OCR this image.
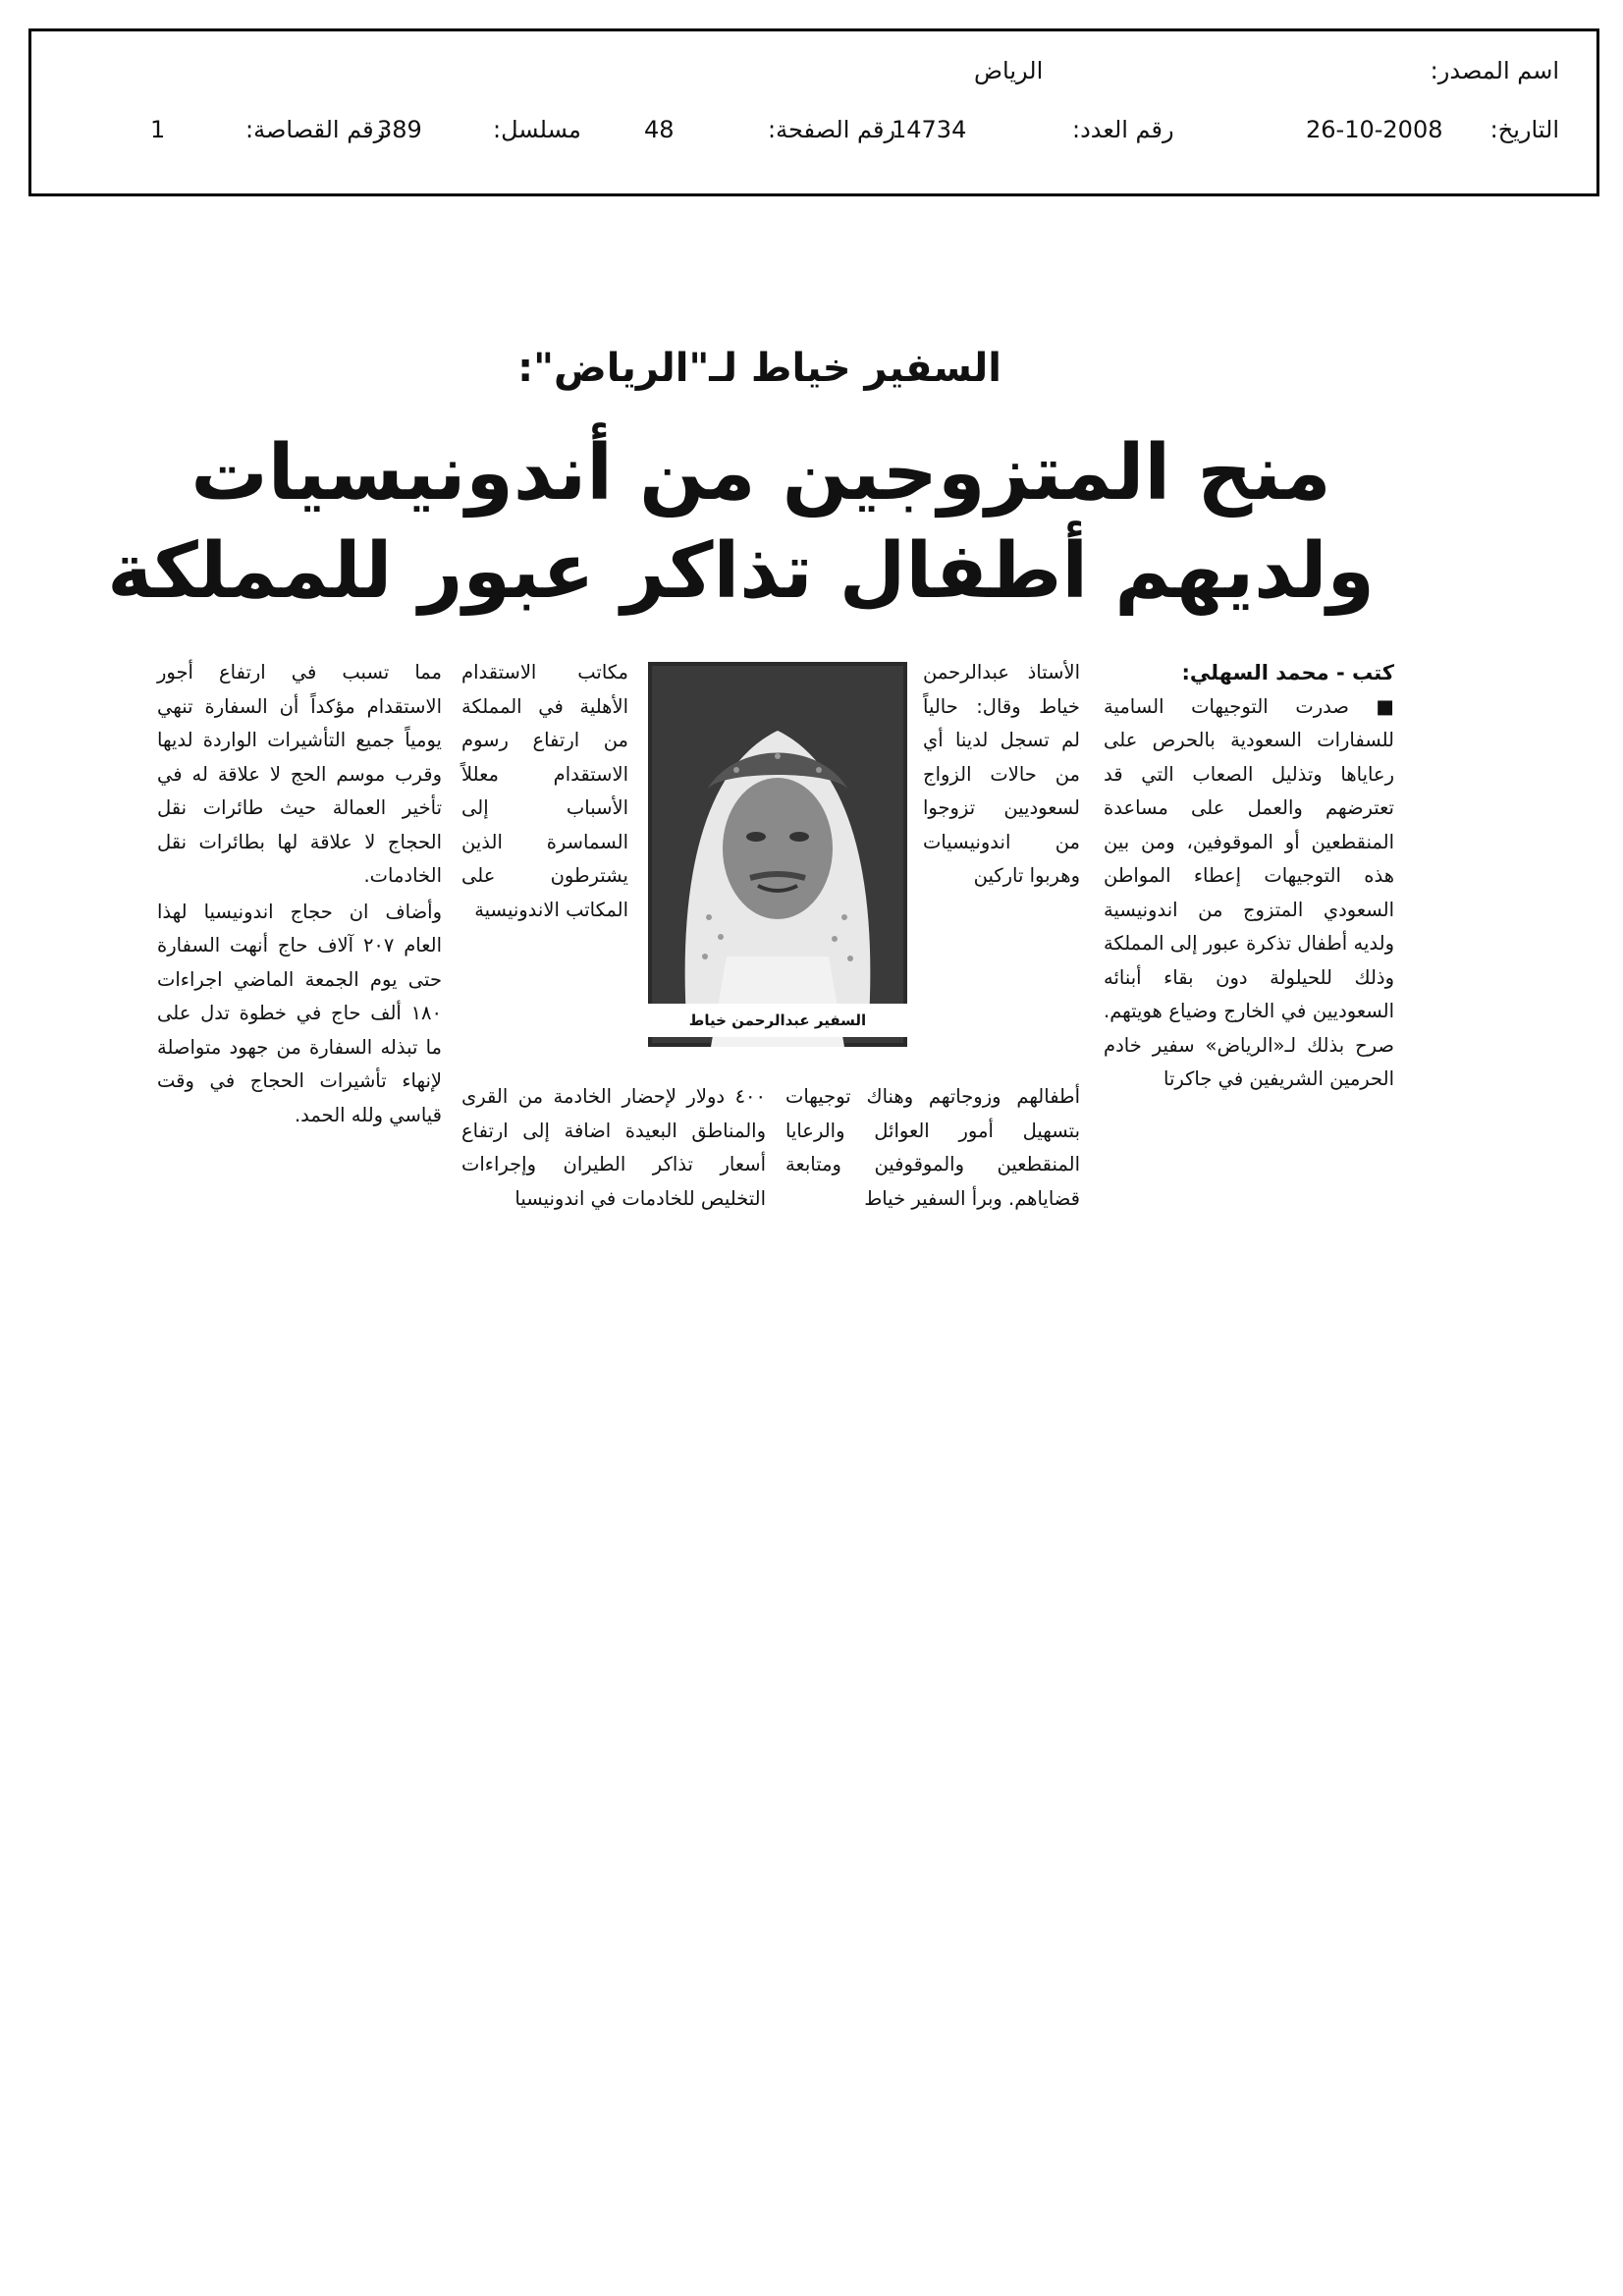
اسم المصدر:
الرياض
التاريخ:
26-10-2008
رقم العدد:
14734
رقم الصفحة:
48
مسلسل:
389
رقم القصاصة:
1
السفير خياط لـ"الرياض":
منح المتزوجين من أندونيسيات
ولديهم أطفال تذاكر عبور للمملكة
كتب - محمد السهلي:

■ صدرت التوجيهات السامية للسفارات السعودية بالحرص على رعاياها وتذليل الصعاب التي قد تعترضهم والعمل على مساعدة المنقطعين أو الموقوفين، ومن بين هذه التوجيهات إعطاء المواطن السعودي المتزوج من اندونيسية ولديه أطفال تذكرة عبور إلى المملكة وذلك للحيلولة دون بقاء أبنائه السعوديين في الخارج وضياع هويتهم. صرح بذلك لـ«الرياض» سفير خادم الحرمين الشريفين في جاكرتا

الأستاذ عبدالرحمن خياط وقال: حالياً لم تسجل لدينا أي من حالات الزواج لسعوديين تزوجوا من اندونيسيات وهربوا تاركين

أطفالهم وزوجاتهم وهناك توجيهات بتسهيل أمور العوائل والرعايا المنقطعين والموقوفين ومتابعة قضاياهم. وبرأ السفير خياط

السفير عبدالرحمن خياط

مكاتب الاستقدام الأهلية في المملكة من ارتفاع رسوم الاستقدام معللاً الأسباب إلى السماسرة الذين يشترطون على المكاتب الاندونيسية

٤٠٠ دولار لإحضار الخادمة من القرى والمناطق البعيدة اضافة إلى ارتفاع أسعار تذاكر الطيران وإجراءات التخليص للخادمات في اندونيسيا

مما تسبب في ارتفاع أجور الاستقدام مؤكداً أن السفارة تنهي يومياً جميع التأشيرات الواردة لديها وقرب موسم الحج لا علاقة له في تأخير العمالة حيث طائرات نقل الحجاج لا علاقة لها بطائرات نقل الخادمات.

وأضاف ان حجاج اندونيسيا لهذا العام ٢٠٧ آلاف حاج أنهت السفارة حتى يوم الجمعة الماضي اجراءات ١٨٠ ألف حاج في خطوة تدل على ما تبذله السفارة من جهود متواصلة لإنهاء تأشيرات الحجاج في وقت قياسي ولله الحمد.
